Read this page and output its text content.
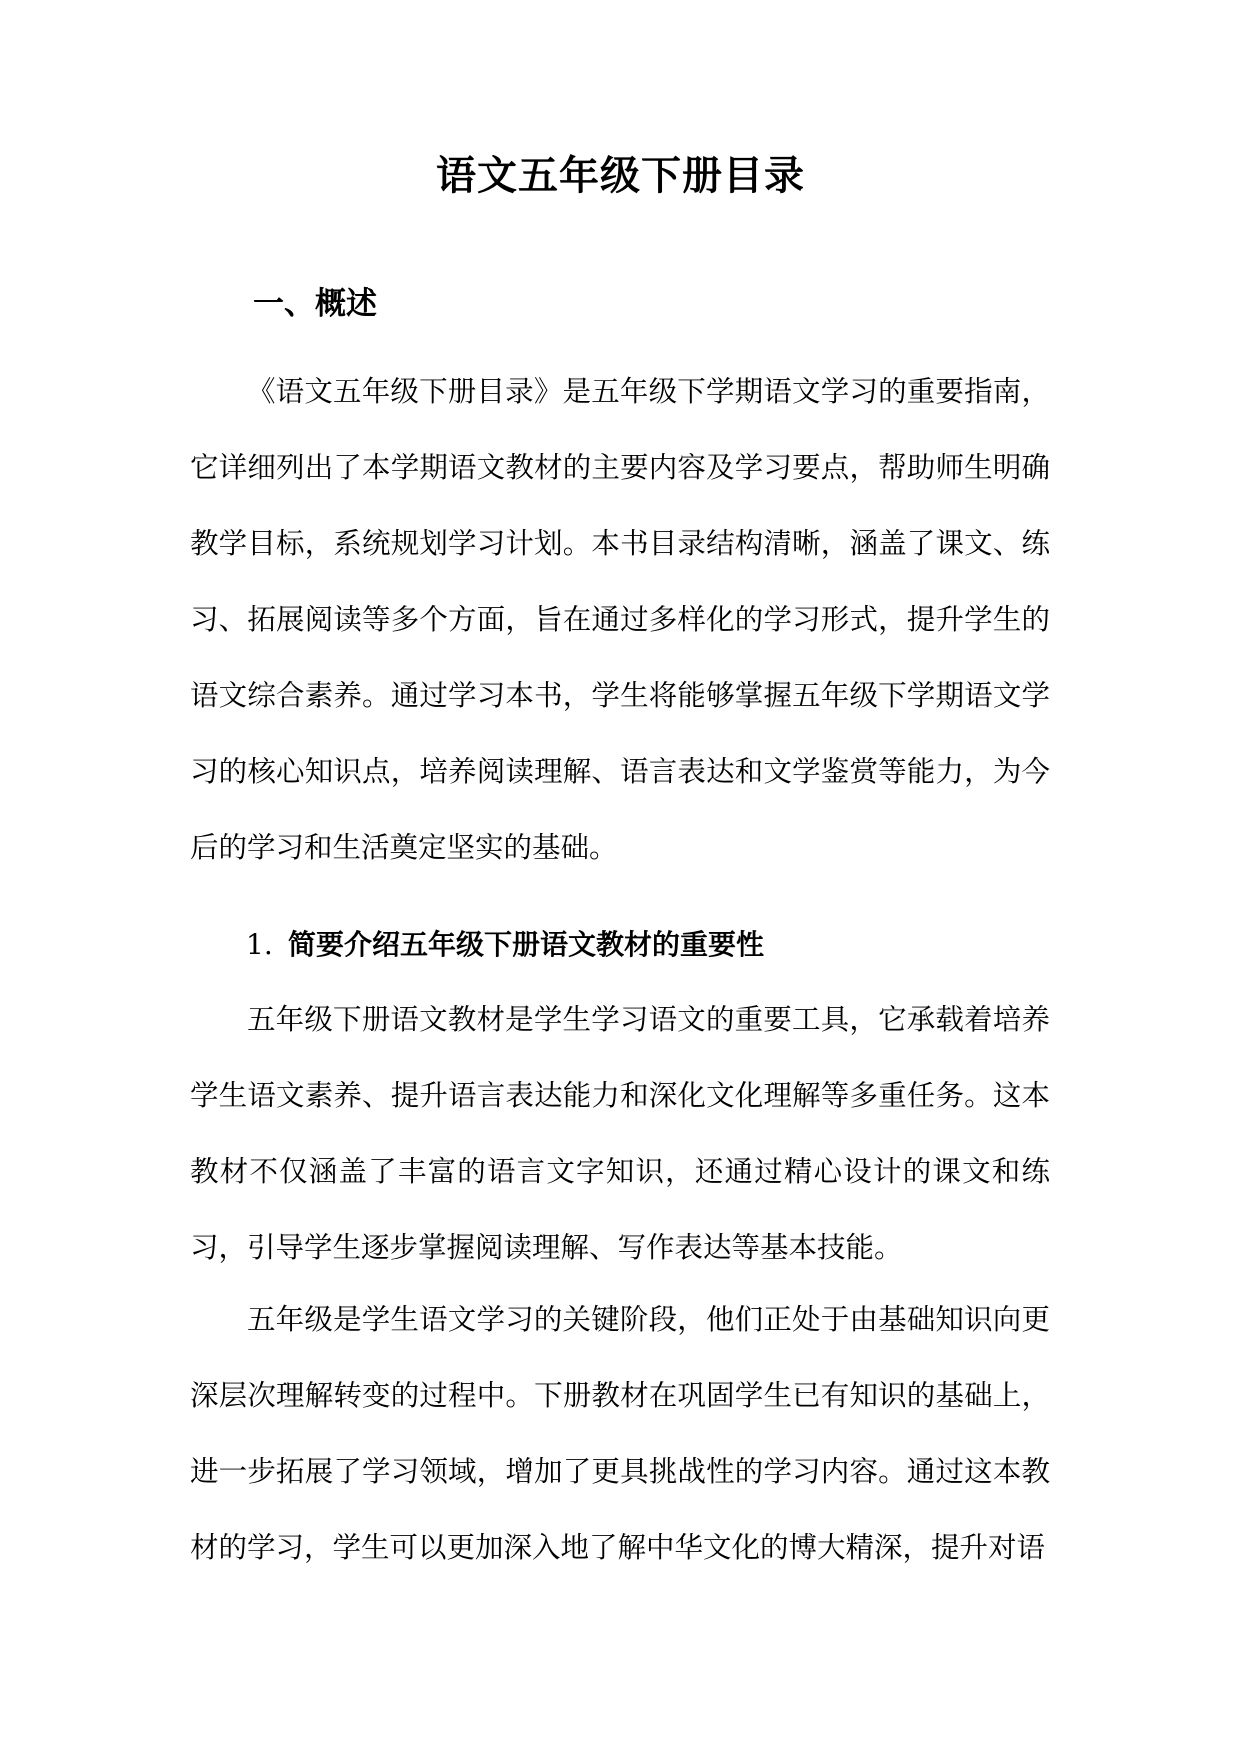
语文五年级下册目录
一、概述

《语文五年级下册目录》是五年级下学期语文学习的重要指南，它详细列出了本学期语文教材的主要内容及学习要点，帮助师生明确教学目标，系统规划学习计划。本书目录结构清晰，涵盖了课文、练习、拓展阅读等多个方面，旨在通过多样化的学习形式，提升学生的语文综合素养。通过学习本书，学生将能够掌握五年级下学期语文学习的核心知识点，培养阅读理解、语言表达和文学鉴赏等能力，为今后的学习和生活奠定坚实的基础。

1. 简要介绍五年级下册语文教材的重要性

五年级下册语文教材是学生学习语文的重要工具，它承载着培养学生语文素养、提升语言表达能力和深化文化理解等多重任务。这本教材不仅涵盖了丰富的语言文字知识，还通过精心设计的课文和练习，引导学生逐步掌握阅读理解、写作表达等基本技能。

五年级是学生语文学习的关键阶段，他们正处于由基础知识向更深层次理解转变的过程中。下册教材在巩固学生已有知识的基础上，进一步拓展了学习领域，增加了更具挑战性的学习内容。通过这本教材的学习，学生可以更加深入地了解中华文化的博大精深，提升对语
